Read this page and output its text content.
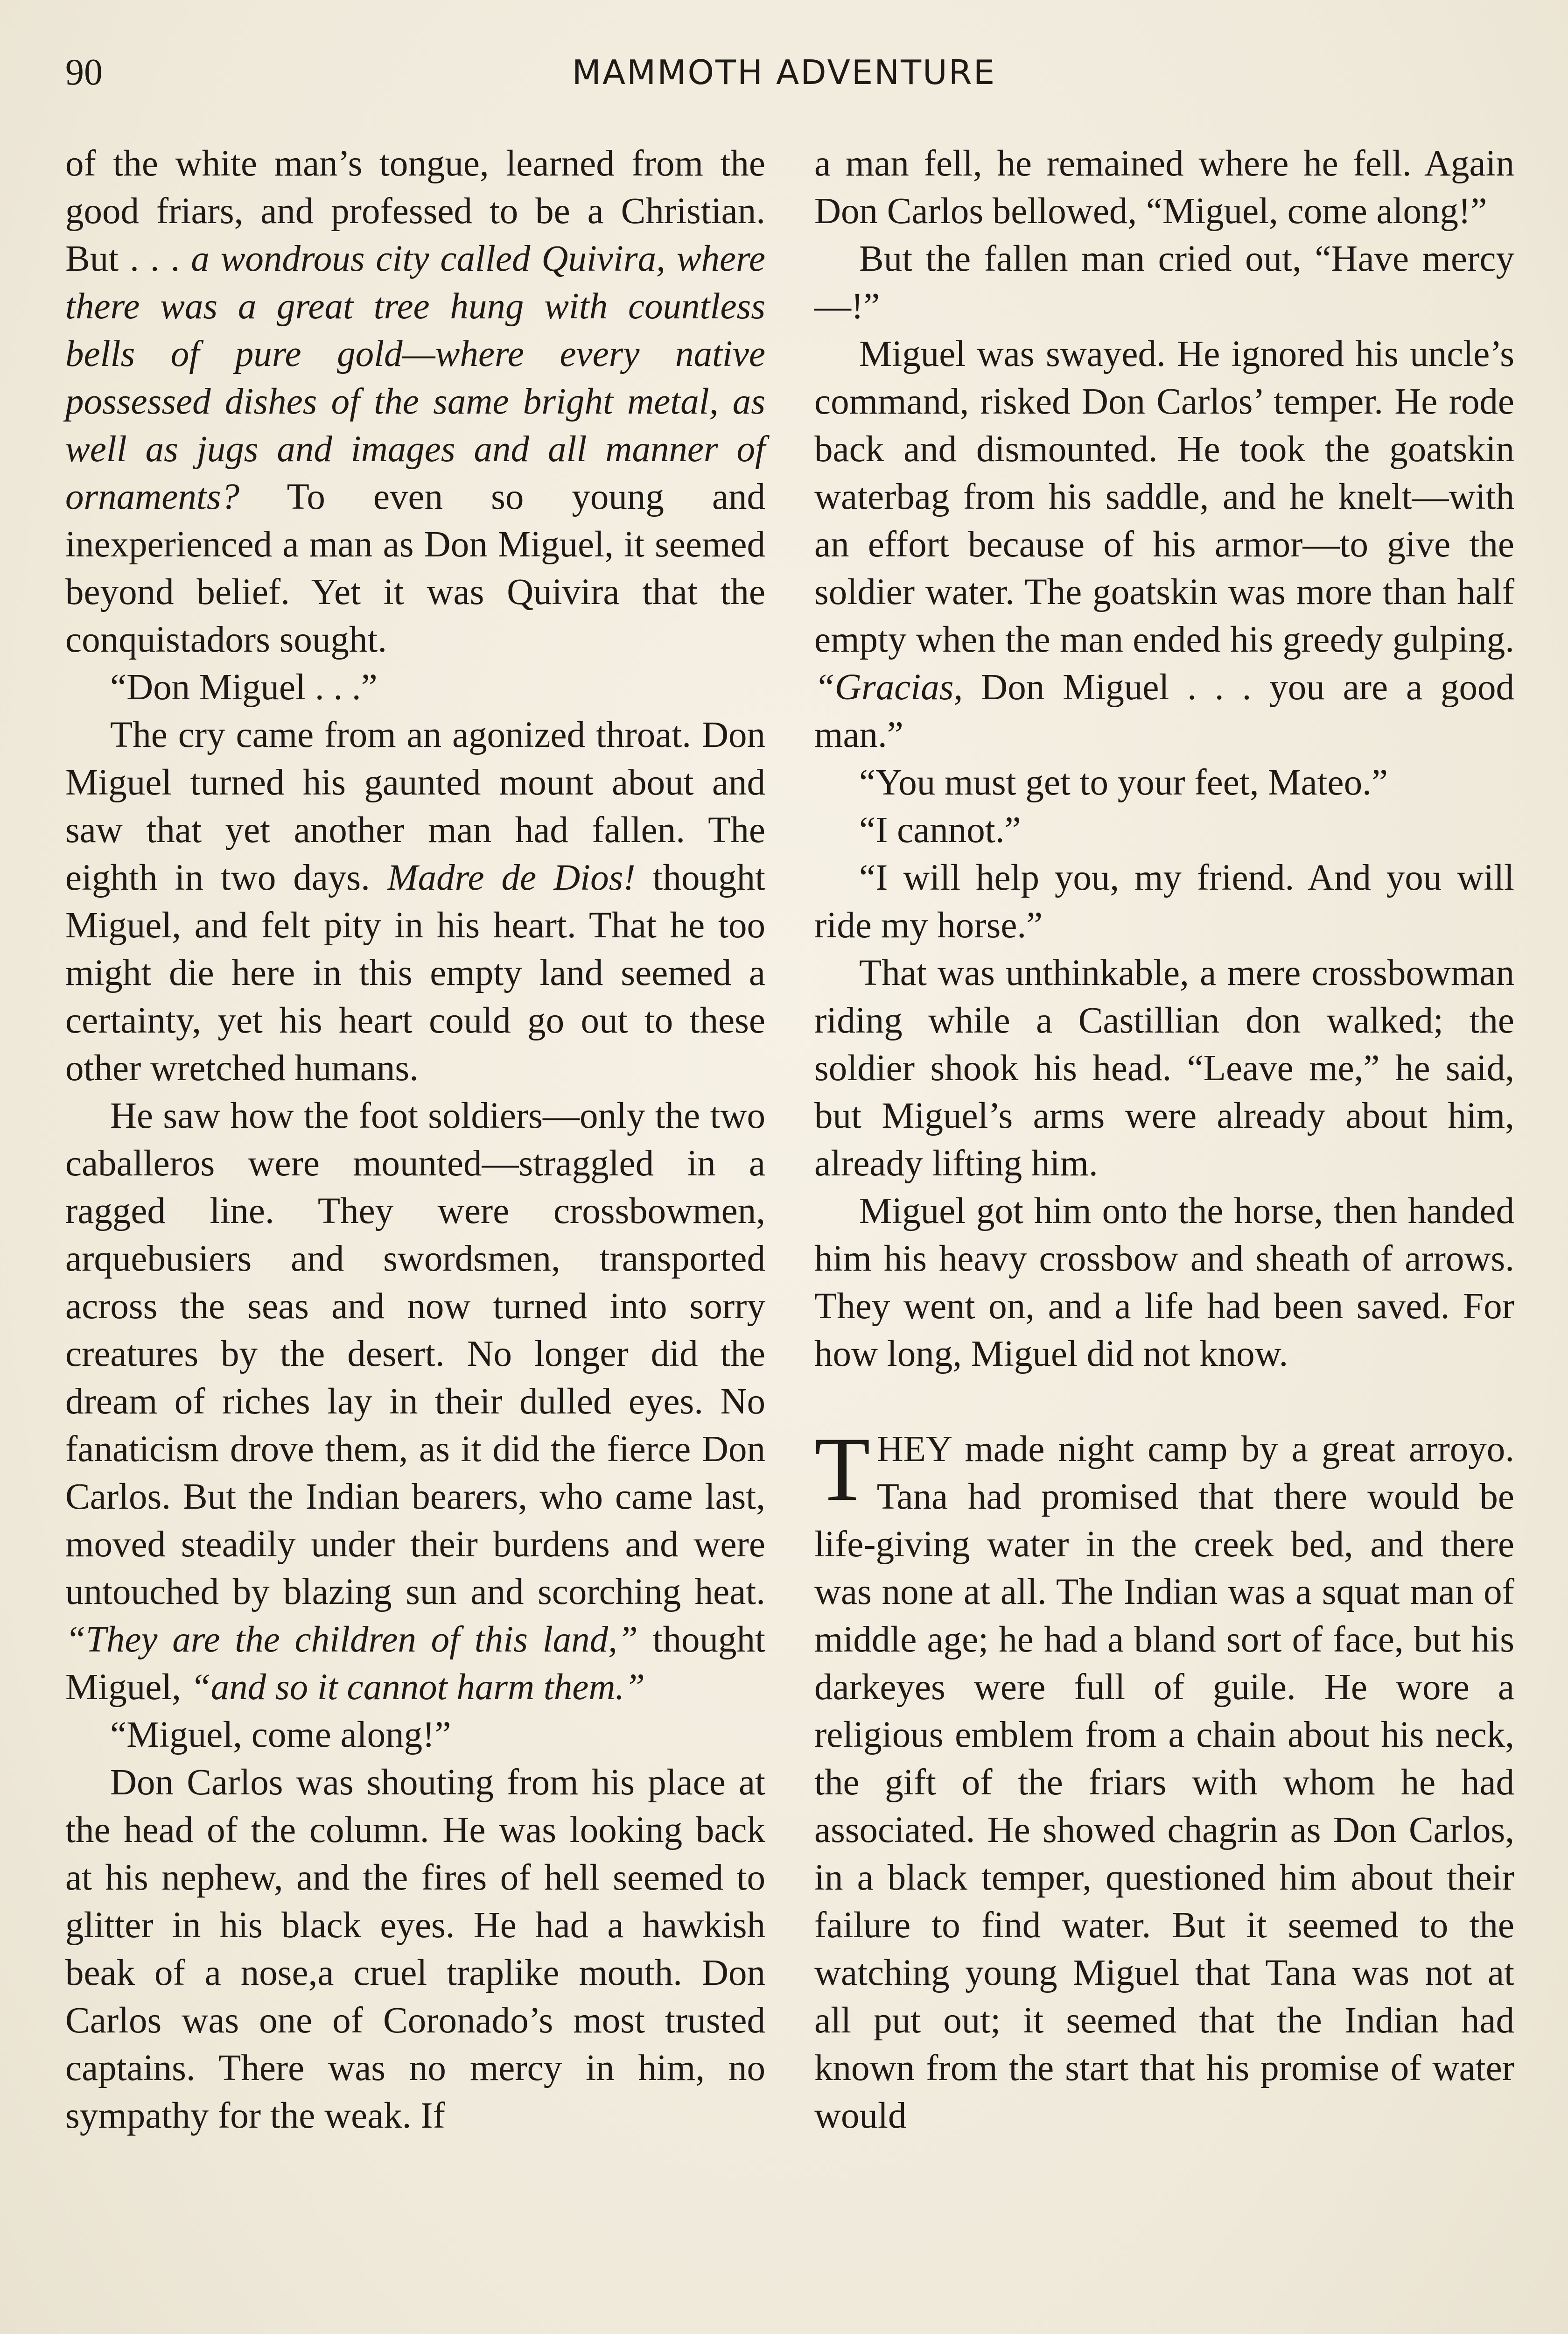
90	MAMMOTH ADVENTURE

of the white man’s tongue, learned from the good friars, and professed to be a Christian. But . . . a wondrous city called Quivira, where there was a great tree hung with countless bells of pure gold—where every native possessed dishes of the same bright metal, as well as jugs and images and all manner of ornaments? To even so young and inexperienced a man as Don Miguel, it seemed beyond belief. Yet it was Quivira that the conquistadors sought.

“Don Miguel . . .”

The cry came from an agonized throat. Don Miguel turned his gaunted mount about and saw that yet another man had fallen. The eighth in two days. Madre de Dios! thought Miguel, and felt pity in his heart. That he too might die here in this empty land seemed a certainty, yet his heart could go out to these other wretched humans.

He saw how the foot soldiers—only the two caballeros were mounted—straggled in a ragged line. They were crossbowmen, arquebusiers and swordsmen, transported across the seas and now turned into sorry creatures by the desert. No longer did the dream of riches lay in their dulled eyes. No fanaticism drove them, as it did the fierce Don Carlos. But the Indian bearers, who came last, moved steadily under their burdens and were untouched by blazing sun and scorching heat. “They are the children of this land,” thought Miguel, “and so it cannot harm them.”

“Miguel, come along!”

Don Carlos was shouting from his place at the head of the column. He was looking back at his nephew, and the fires of hell seemed to glitter in his black eyes. He had a hawkish beak of a nose,a cruel traplike mouth. Don Carlos was one of Coronado’s most trusted captains. There was no mercy in him, no sympathy for the weak. If

a man fell, he remained where he fell. Again Don Carlos bellowed, “Miguel, come along!”

But the fallen man cried out, “Have mercy—!”

Miguel was swayed. He ignored his uncle’s command, risked Don Carlos’ temper. He rode back and dismounted. He took the goatskin waterbag from his saddle, and he knelt—with an effort because of his armor—to give the soldier water. The goatskin was more than half empty when the man ended his greedy gulping. “Gracias, Don Miguel . . . you are a good man.”

“You must get to your feet, Mateo.”

“I cannot.”

“I will help you, my friend. And you will ride my horse.”

That was unthinkable, a mere crossbowman riding while a Castillian don walked; the soldier shook his head. “Leave me,” he said, but Miguel’s arms were already about him, already lifting him.

Miguel got him onto the horse, then handed him his heavy crossbow and sheath of arrows. They went on, and a life had been saved. For how long, Miguel did not know.

THEY made night camp by a great arroyo. Tana had promised that there would be life-giving water in the creek bed, and there was none at all. The Indian was a squat man of middle age; he had a bland sort of face, but his darkeyes were full of guile. He wore a religious emblem from a chain about his neck, the gift of the friars with whom he had associated. He showed chagrin as Don Carlos, in a black temper, questioned him about their failure to find water. But it seemed to the watching young Miguel that Tana was not at all put out; it seemed that the Indian had known from the start that his promise of water would
